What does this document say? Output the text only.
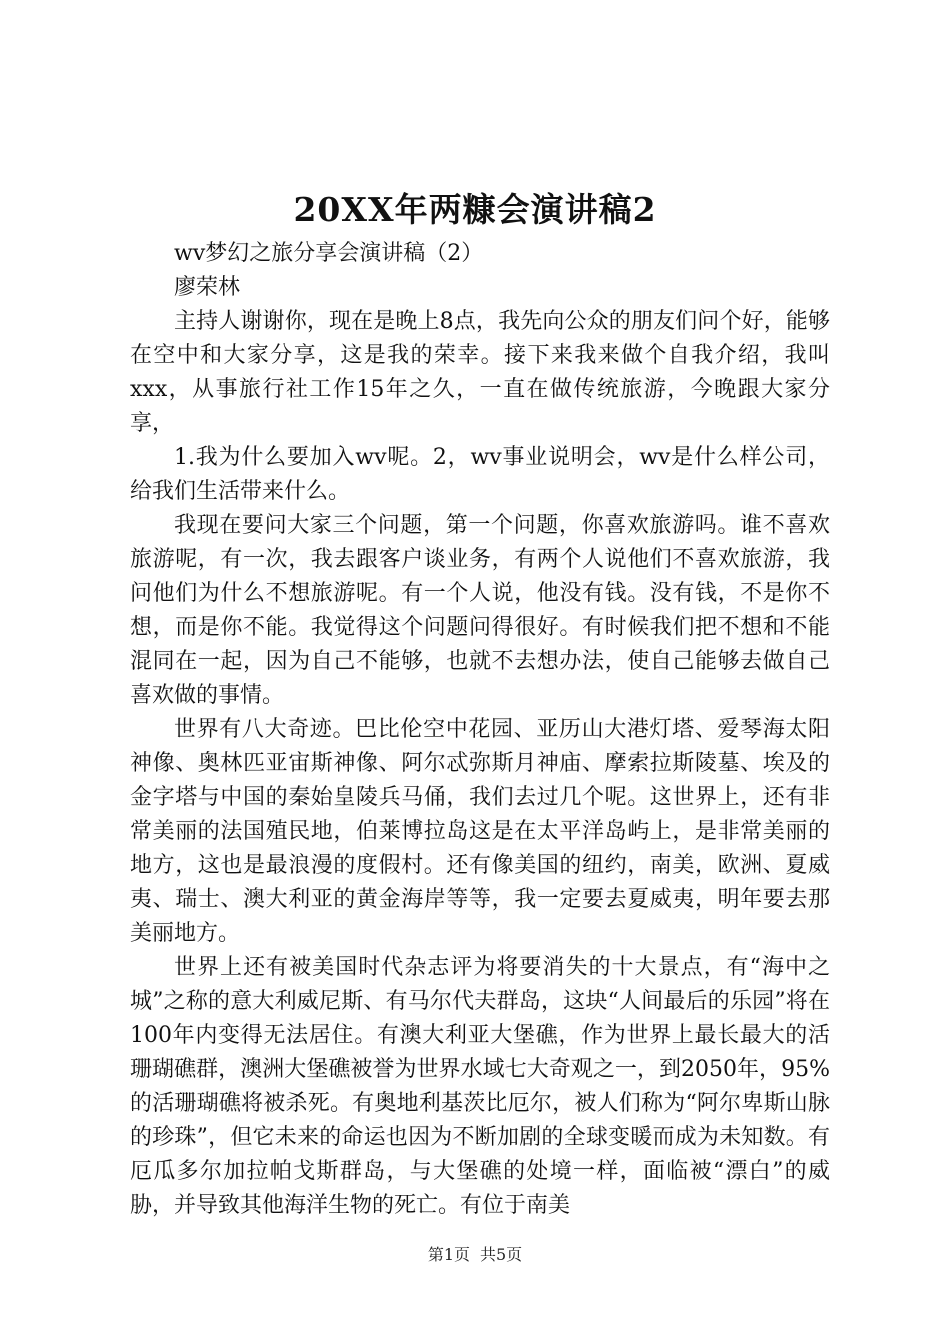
20XX年两糠会演讲稿2

wv梦幻之旅分享会演讲稿（2）

廖荣林

主持人谢谢你，现在是晚上8点，我先向公众的朋友们问个好，能够在空中和大家分享，这是我的荣幸。接下来我来做个自我介绍，我叫xxx，从事旅行社工作15年之久，一直在做传统旅游，今晚跟大家分享，

1.我为什么要加入wv呢。2，wv事业说明会，wv是什么样公司，给我们生活带来什么。

我现在要问大家三个问题，第一个问题，你喜欢旅游吗。谁不喜欢旅游呢，有一次，我去跟客户谈业务，有两个人说他们不喜欢旅游，我问他们为什么不想旅游呢。有一个人说，他没有钱。没有钱，不是你不想，而是你不能。我觉得这个问题问得很好。有时候我们把不想和不能混同在一起，因为自己不能够，也就不去想办法，使自己能够去做自己喜欢做的事情。

世界有八大奇迹。巴比伦空中花园、亚历山大港灯塔、爱琴海太阳神像、奥林匹亚宙斯神像、阿尔忒弥斯月神庙、摩索拉斯陵墓、埃及的金字塔与中国的秦始皇陵兵马俑，我们去过几个呢。这世界上，还有非常美丽的法国殖民地，伯莱博拉岛这是在太平洋岛屿上，是非常美丽的地方，这也是最浪漫的度假村。还有像美国的纽约，南美，欧洲、夏威夷、瑞士、澳大利亚的黄金海岸等等，我一定要去夏威夷，明年要去那美丽地方。

世界上还有被美国时代杂志评为将要消失的十大景点，有“海中之城”之称的意大利威尼斯、有马尔代夫群岛，这块“人间最后的乐园”将在100年内变得无法居住。有澳大利亚大堡礁，作为世界上最长最大的活珊瑚礁群，澳洲大堡礁被誉为世界水域七大奇观之一，到2050年，95%的活珊瑚礁将被杀死。有奥地利基茨比厄尔，被人们称为“阿尔卑斯山脉的珍珠”，但它未来的命运也因为不断加剧的全球变暖而成为未知数。有厄瓜多尔加拉帕戈斯群岛，与大堡礁的处境一样，面临被“漂白”的威胁，并导致其他海洋生物的死亡。有位于南美

第1页 共5页
